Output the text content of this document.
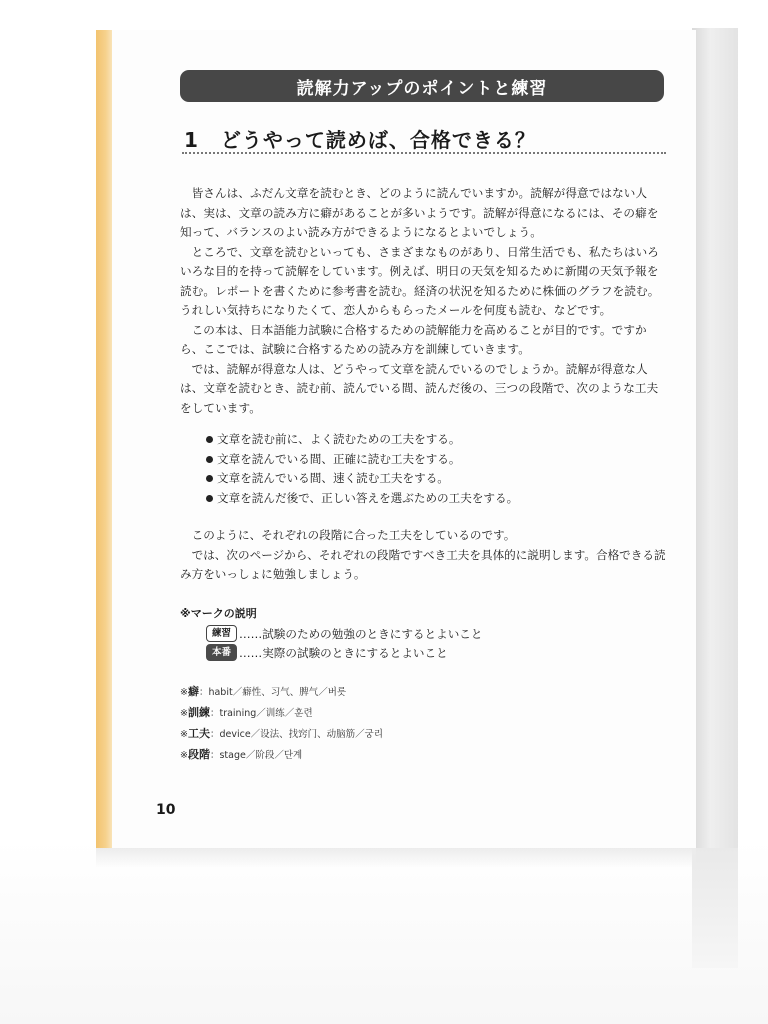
読解力アップのポイントと練習
1 どうやって読めば、合格できる？

皆さんは、ふだん文章を読むとき、どのように読んでいますか。読解が得意ではない人は、実は、文章の読み方に癖があることが多いようです。読解が得意になるには、その癖を知って、バランスのよい読み方ができるようになるとよいでしょう。

ところで、文章を読むといっても、さまざまなものがあり、日常生活でも、私たちはいろいろな目的を持って読解をしています。例えば、明日の天気を知るために新聞の天気予報を読む。レポートを書くために参考書を読む。経済の状況を知るために株価のグラフを読む。うれしい気持ちになりたくて、恋人からもらったメールを何度も読む、などです。

この本は、日本語能力試験に合格するための読解能力を高めることが目的です。ですから、ここでは、試験に合格するための読み方を訓練していきます。

では、読解が得意な人は、どうやって文章を読んでいるのでしょうか。読解が得意な人は、文章を読むとき、読む前、読んでいる間、読んだ後の、三つの段階で、次のような工夫をしています。

文章を読む前に、よく読むための工夫をする。
文章を読んでいる間、正確に読む工夫をする。
文章を読んでいる間、速く読む工夫をする。
文章を読んだ後で、正しい答えを選ぶための工夫をする。

このように、それぞれの段階に合った工夫をしているのです。

では、次のページから、それぞれの段階ですべき工夫を具体的に説明します。合格できる読み方をいっしょに勉強しましょう。

※マークの説明
練習 ……試験のための勉強のときにするとよいこと
本番 ……実際の試験のときにするとよいこと
※癖：habit／癖性、习气、脾气／버릇
※訓練：training／训练／훈련
※工夫：device／设法、找窍门、动脑筋／궁리
※段階：stage／阶段／단계
10
